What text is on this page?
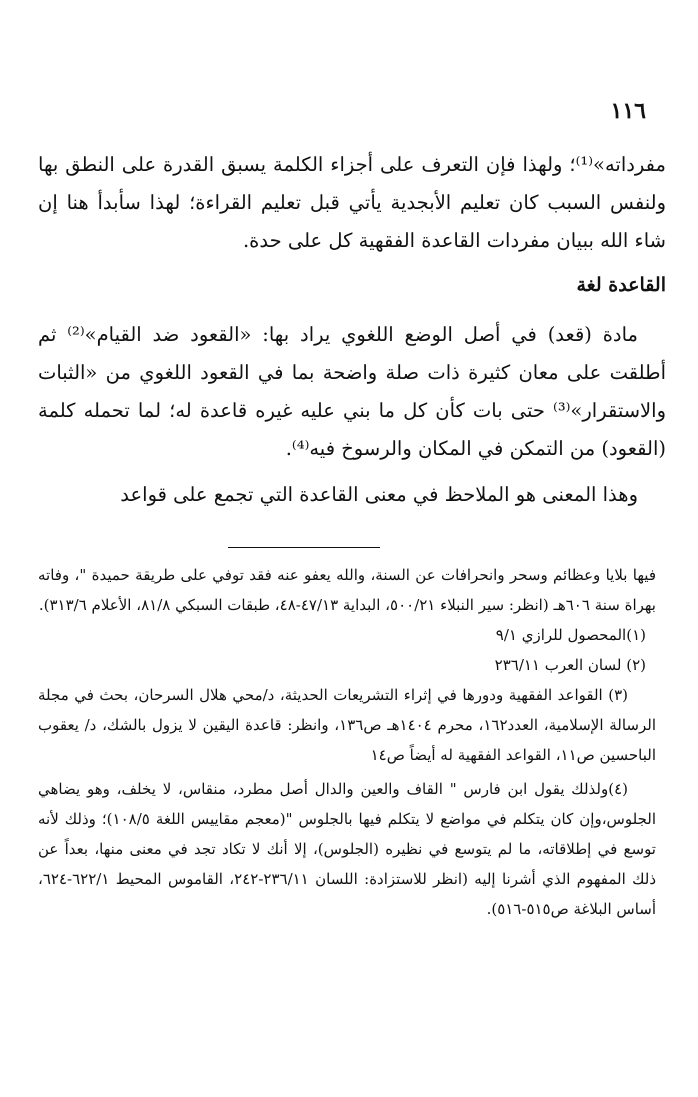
١١٦

مفرداته»⁽¹⁾؛ ولهذا فإن التعرف على أجزاء الكلمة يسبق القدرة على النطق بها ولنفس السبب كان تعليم الأبجدية يأتي قبل تعليم القراءة؛ لهذا سأبدأ هنا إن شاء الله ببيان مفردات القاعدة الفقهية كل على حدة.

القاعدة لغة

مادة (قعد) في أصل الوضع اللغوي يراد بها: «القعود ضد القيام»⁽²⁾ ثم أطلقت على معان كثيرة ذات صلة واضحة بما في القعود اللغوي من «الثبات والاستقرار»⁽³⁾ حتى بات كأن كل ما بني عليه غيره قاعدة له؛ لما تحمله كلمة (القعود) من التمكن في المكان والرسوخ فيه⁽⁴⁾.

وهذا المعنى هو الملاحظ في معنى القاعدة التي تجمع على قواعد

فيها بلايا وعظائم وسحر وانحرافات عن السنة، والله يعفو عنه فقد توفي على طريقة حميدة "، وفاته بهراة سنة ٦٠٦هـ (انظر: سير النبلاء ٥٠٠/٢١، البداية ٤٧/١٣-٤٨، طبقات السبكي ٨١/٨، الأعلام ٣١٣/٦).

(١)المحصول للرازي ٩/١

(٢) لسان العرب ٢٣٦/١١

(٣) القواعد الفقهية ودورها في إثراء التشريعات الحديثة، د/محي هلال السرحان، بحث في مجلة الرسالة الإسلامية، العدد١٦٢، محرم ١٤٠٤هـ ص١٣٦، وانظر: قاعدة اليقين لا يزول بالشك، د/ يعقوب الباحسين ص١١، القواعد الفقهية له أيضاً ص١٤

(٤)ولذلك يقول ابن فارس " القاف والعين والدال أصل مطرد، منقاس، لا يخلف، وهو يضاهي الجلوس،وإن كان يتكلم في مواضع لا يتكلم فيها بالجلوس "(معجم مقاييس اللغة ١٠٨/٥)؛ وذلك لأنه توسع في إطلاقاته، ما لم يتوسع في نظيره (الجلوس)، إلا أنك لا تكاد تجد في معنى منها، بعداً عن ذلك المفهوم الذي أشرنا إليه (انظر للاستزادة: اللسان ٢٣٦/١١-٢٤٢، القاموس المحيط ٦٢٢/١-٦٢٤، أساس البلاغة ص٥١٥-٥١٦).
